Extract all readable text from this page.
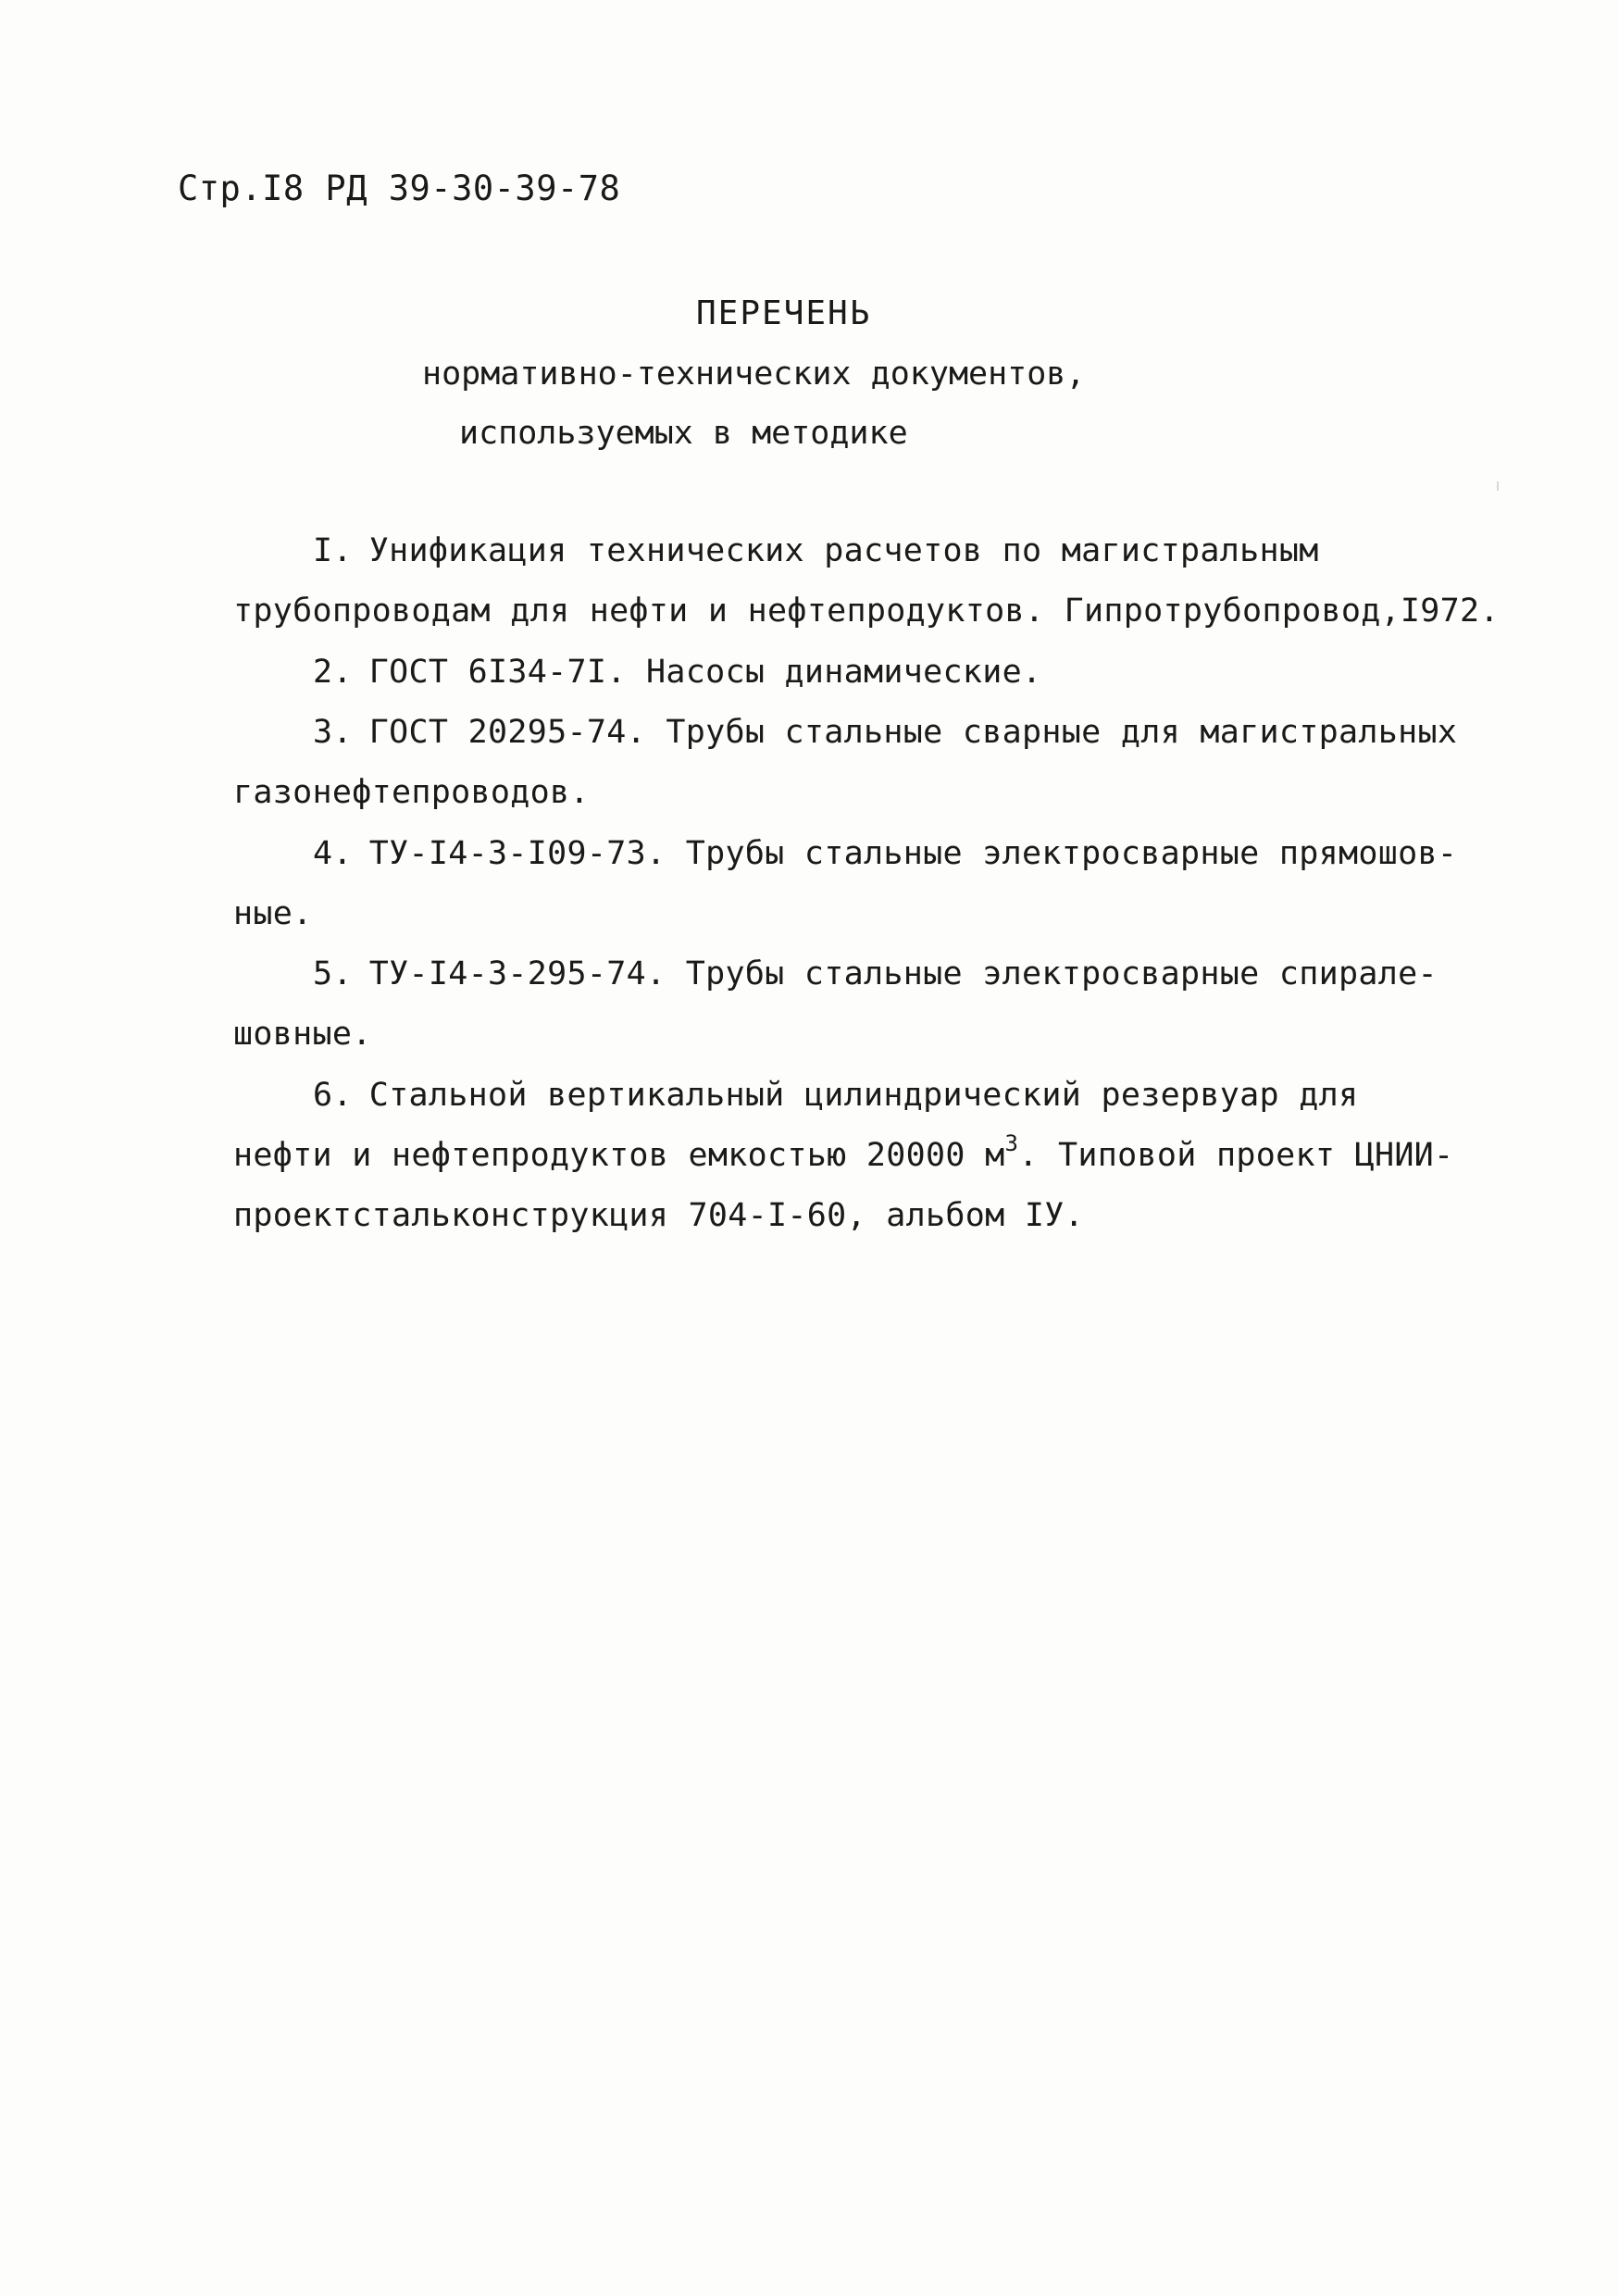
Стр.I8 РД 39-30-39-78
ПЕРЕЧЕНЬ
нормативно-технических документов,
используемых в методике
I. Унификация технических расчетов по магистральным
трубопроводам для нефти и нефтепродуктов. Гипротрубопровод,I972.
2. ГОСТ 6I34-7I. Насосы динамические.
3. ГОСТ 20295-74. Трубы стальные сварные для магистральных
газонефтепроводов.
4. ТУ-I4-3-I09-73. Трубы стальные электросварные прямошов-
ные.
5. ТУ-I4-3-295-74. Трубы стальные электросварные спирале-
шовные.
6. Стальной вертикальный цилиндрический резервуар для
нефти и нефтепродуктов емкостью 20000 $м^3$. Типовой проект ЦНИИ-
проектстальконструкция 704-I-60, альбом IУ.
